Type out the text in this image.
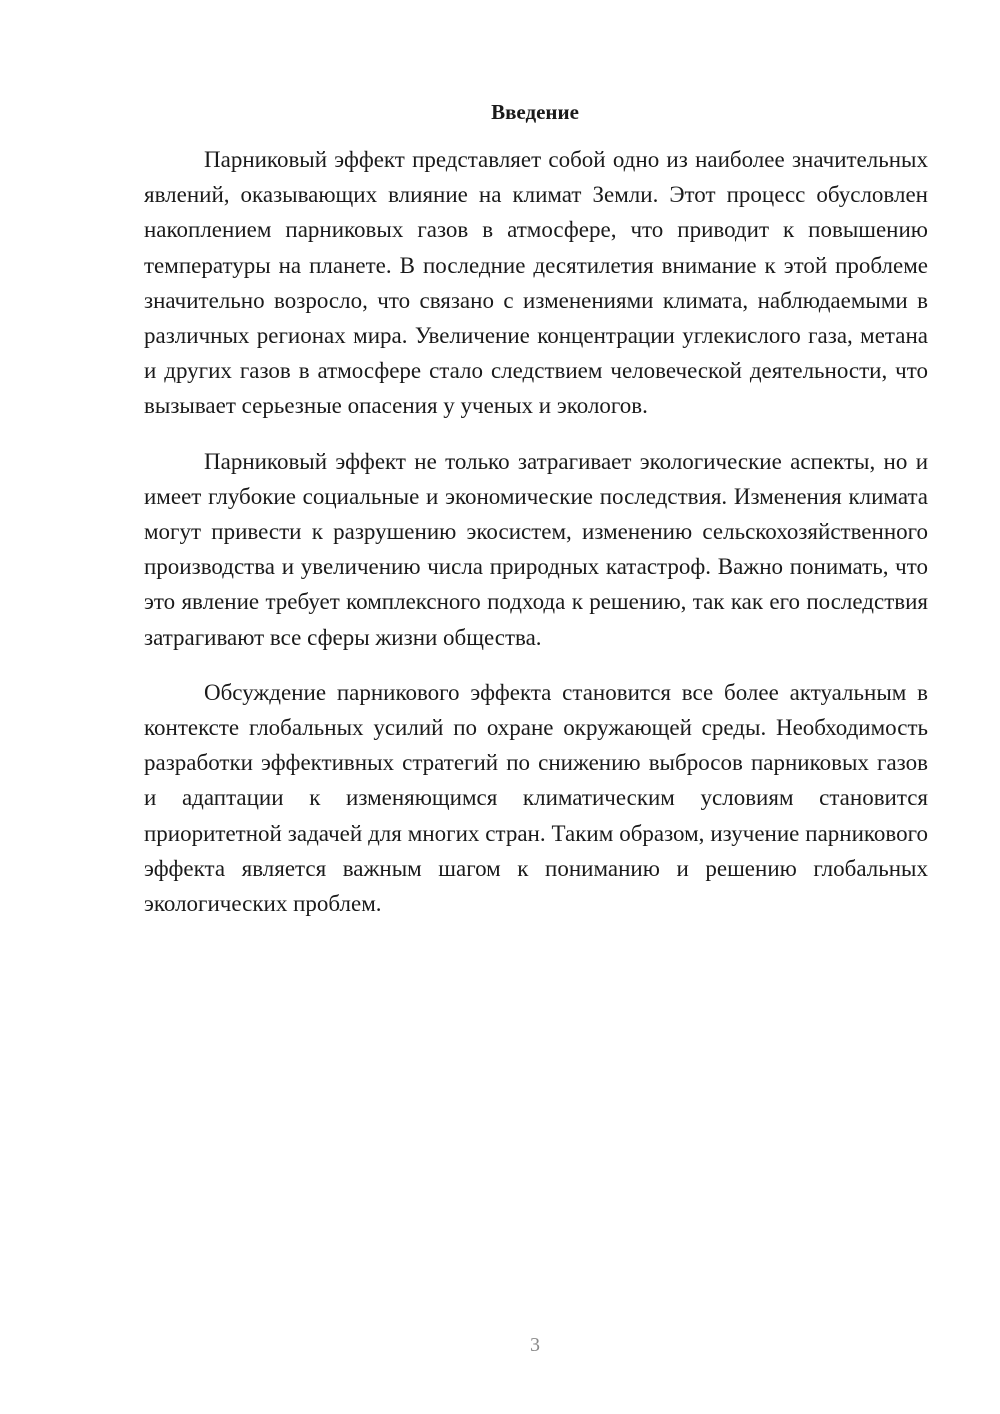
Введение

Парниковый эффект представляет собой одно из наиболее значительных явлений, оказывающих влияние на климат Земли. Этот процесс обусловлен накоплением парниковых газов в атмосфере, что приводит к повышению температуры на планете. В последние десятилетия внимание к этой проблеме значительно возросло, что связано с изменениями климата, наблюдаемыми в различных регионах мира. Увеличение концентрации углекислого газа, метана и других газов в атмосфере стало следствием человеческой деятельности, что вызывает серьезные опасения у ученых и экологов.

Парниковый эффект не только затрагивает экологические аспекты, но и имеет глубокие социальные и экономические последствия. Изменения климата могут привести к разрушению экосистем, изменению сельскохозяйственного производства и увеличению числа природных катастроф. Важно понимать, что это явление требует комплексного подхода к решению, так как его последствия затрагивают все сферы жизни общества.

Обсуждение парникового эффекта становится все более актуальным в контексте глобальных усилий по охране окружающей среды. Необходимость разработки эффективных стратегий по снижению выбросов парниковых газов и адаптации к изменяющимся климатическим условиям становится приоритетной задачей для многих стран. Таким образом, изучение парникового эффекта является важным шагом к пониманию и решению глобальных экологических проблем.

3
